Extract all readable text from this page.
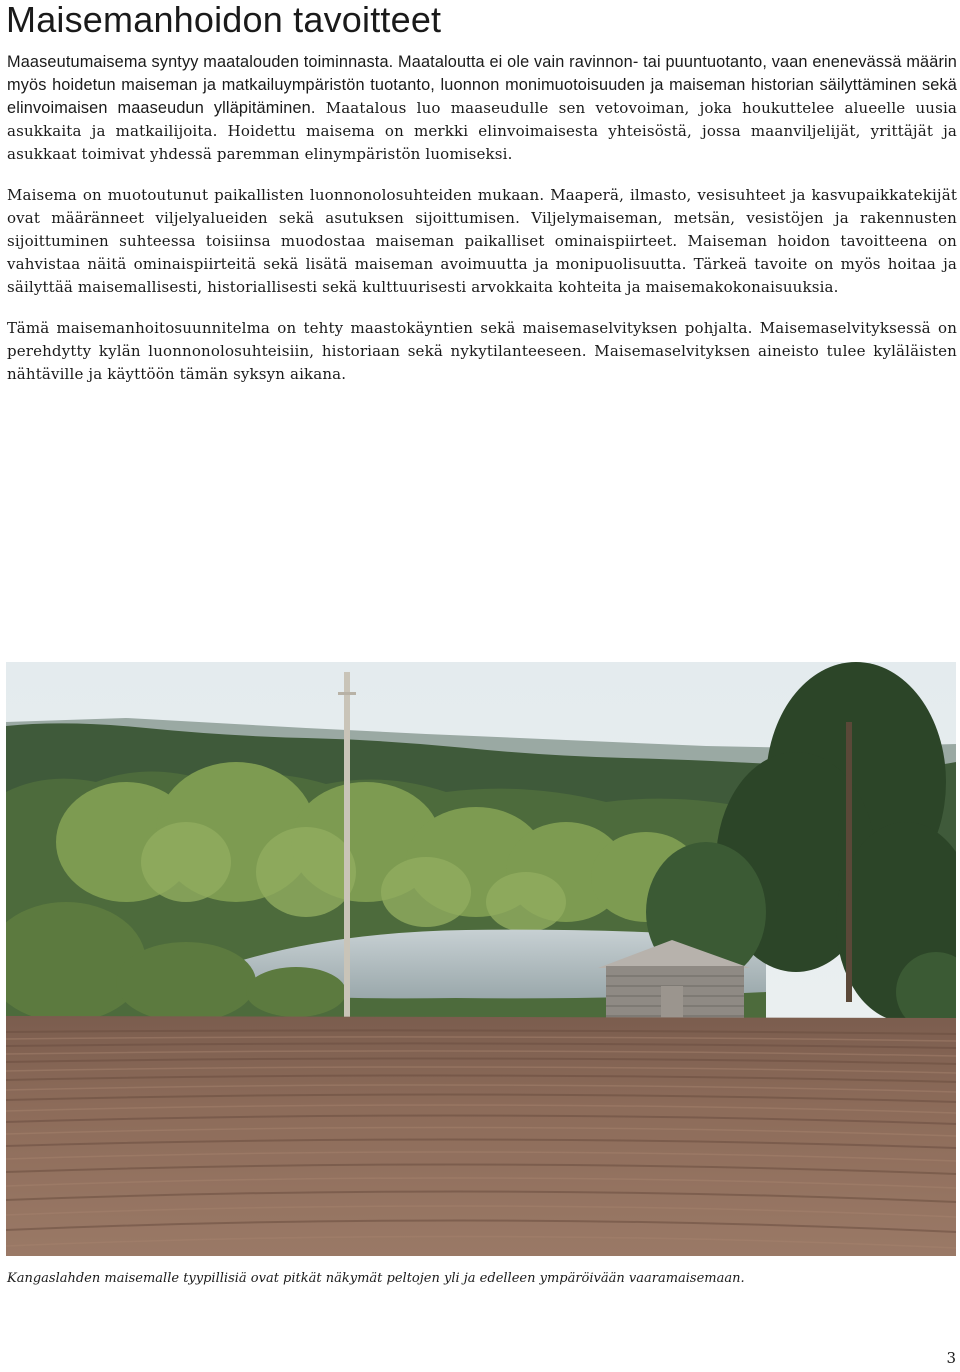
Maisemanhoidon tavoitteet

Maaseutumaisema syntyy maatalouden toiminnasta. Maataloutta ei ole vain ravinnon- tai puuntuotanto, vaan enenevässä määrin myös hoidetun maiseman ja matkailuympäristön tuotanto, luonnon monimuotoisuuden ja maiseman historian säilyttäminen sekä elinvoimaisen maaseudun ylläpitäminen. Maatalous luo maaseudulle sen vetovoiman, joka houkuttelee alueelle uusia asukkaita ja matkailijoita. Hoidettu maisema on merkki elinvoimaisesta yhteisöstä, jossa maanviljelijät, yrittäjät ja asukkaat toimivat yhdessä paremman elinympäristön luomiseksi.

Maisema on muotoutunut paikallisten luonnonolosuhteiden mukaan. Maaperä, ilmasto, vesisuhteet ja kasvupaikkatekijät ovat määränneet viljelyalueiden sekä asutuksen sijoittumisen. Viljelymaiseman, metsän, vesistöjen ja rakennusten sijoittuminen suhteessa toisiinsa muodostaa maiseman paikalliset ominaispiirteet. Maiseman hoidon tavoitteena on vahvistaa näitä ominaispiirteitä sekä lisätä maiseman avoimuutta ja monipuolisuutta. Tärkeä tavoite on myös hoitaa ja säilyttää maisemallisesti, historiallisesti sekä kulttuurisesti arvokkaita kohteita ja maisemakokonaisuuksia.

Tämä maisemanhoitosuunnitelma on tehty maastokäyntien sekä maisemaselvityksen pohjalta. Maisemaselvityksessä on perehdytty kylän luonnonolosuhteisiin, historiaan sekä nykytilanteeseen. Maisemaselvityksen aineisto tulee kyläläisten nähtäville ja käyttöön tämän syksyn aikana.

Kangaslahden maisemalle tyypillisiä ovat pitkät näkymät peltojen yli ja edelleen ympäröivään vaaramaisemaan.

3
